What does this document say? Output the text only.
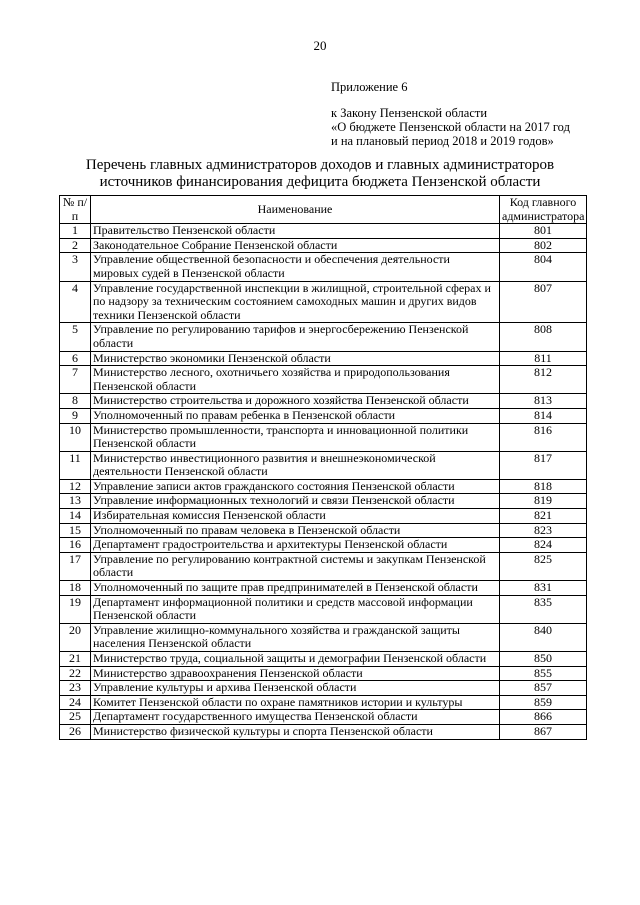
20
Приложение 6
к Закону Пензенской области
«О бюджете Пензенской области на 2017 год
и на плановый период 2018 и 2019 годов»
Перечень главных администраторов доходов и главных администраторов
источников финансирования дефицита бюджета Пензенской области
№ п/п	Наименование	Код главного администратора
1	Правительство Пензенской области	801
2	Законодательное Собрание Пензенской области	802
3	Управление общественной безопасности и обеспечения деятельности мировых судей в Пензенской области	804
4	Управление государственной инспекции в жилищной, строительной сферах и по надзору за техническим состоянием самоходных машин и других видов техники Пензенской области	807
5	Управление по регулированию тарифов и энергосбережению Пензенской области	808
6	Министерство экономики Пензенской области	811
7	Министерство лесного, охотничьего хозяйства и природопользования Пензенской области	812
8	Министерство строительства и дорожного хозяйства Пензенской области	813
9	Уполномоченный по правам ребенка в Пензенской области	814
10	Министерство промышленности, транспорта и инновационной политики Пензенской области	816
11	Министерство инвестиционного развития и внешнеэкономической деятельности Пензенской области	817
12	Управление записи актов гражданского состояния Пензенской области	818
13	Управление информационных технологий и связи Пензенской области	819
14	Избирательная комиссия Пензенской области	821
15	Уполномоченный по правам человека в Пензенской области	823
16	Департамент градостроительства и архитектуры Пензенской области	824
17	Управление по регулированию контрактной системы и закупкам Пензенской области	825
18	Уполномоченный по защите прав предпринимателей в Пензенской области	831
19	Департамент информационной политики и средств массовой информации Пензенской области	835
20	Управление жилищно-коммунального хозяйства и гражданской защиты населения Пензенской области	840
21	Министерство труда, социальной защиты и демографии Пензенской области	850
22	Министерство здравоохранения Пензенской области	855
23	Управление культуры и архива Пензенской области	857
24	Комитет Пензенской области по охране памятников истории и культуры	859
25	Департамент государственного имущества Пензенской области	866
26	Министерство физической культуры и спорта Пензенской области	867
